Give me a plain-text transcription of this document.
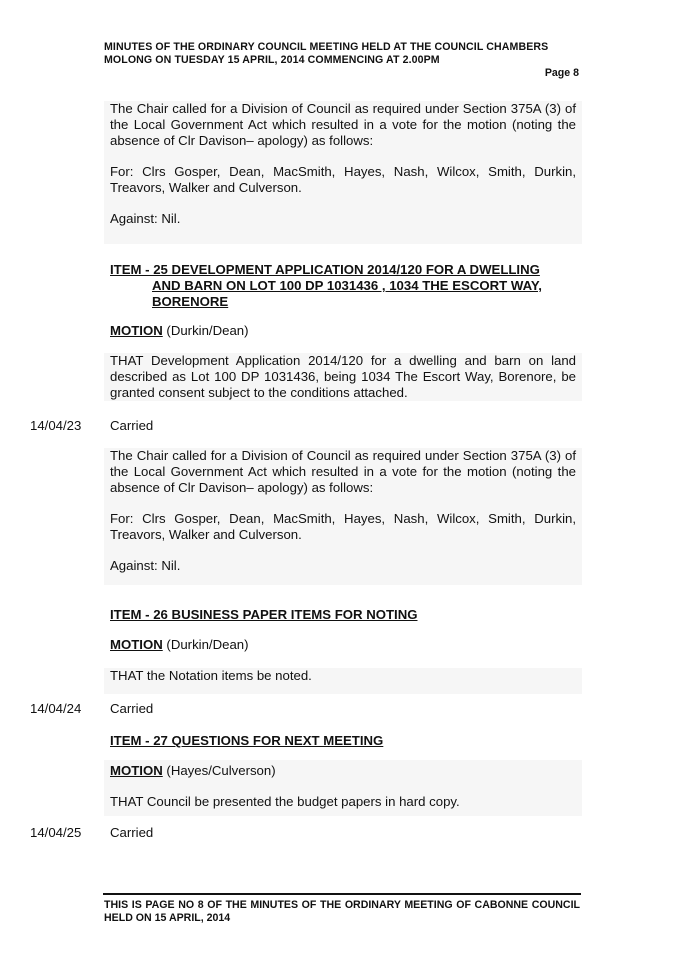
MINUTES OF THE ORDINARY COUNCIL MEETING HELD AT THE COUNCIL CHAMBERS
MOLONG ON TUESDAY 15 APRIL, 2014 COMMENCING AT 2.00PM
Page 8
The Chair called for a Division of Council as required under Section 375A (3) of the Local Government Act which resulted in a vote for the motion (noting the absence of Clr Davison– apology) as follows:
For: Clrs Gosper, Dean, MacSmith, Hayes, Nash, Wilcox, Smith, Durkin, Treavors, Walker and Culverson.
Against: Nil.
ITEM - 25 DEVELOPMENT APPLICATION 2014/120 FOR A DWELLING
AND BARN ON LOT 100 DP 1031436 , 1034 THE ESCORT WAY,
BORENORE
MOTION (Durkin/Dean)
THAT Development Application 2014/120 for a dwelling and barn on land described as Lot 100 DP 1031436, being 1034 The Escort Way, Borenore, be granted consent subject to the conditions attached.
14/04/23 Carried
The Chair called for a Division of Council as required under Section 375A (3) of the Local Government Act which resulted in a vote for the motion (noting the absence of Clr Davison– apology) as follows:
For: Clrs Gosper, Dean, MacSmith, Hayes, Nash, Wilcox, Smith, Durkin, Treavors, Walker and Culverson.
Against: Nil.
ITEM - 26 BUSINESS PAPER ITEMS FOR NOTING
MOTION (Durkin/Dean)
THAT the Notation items be noted.
14/04/24 Carried
ITEM - 27 QUESTIONS FOR NEXT MEETING
MOTION (Hayes/Culverson)
THAT Council be presented the budget papers in hard copy.
14/04/25 Carried
THIS IS PAGE NO 8 OF THE MINUTES OF THE ORDINARY MEETING OF CABONNE COUNCIL HELD ON 15 APRIL, 2014
